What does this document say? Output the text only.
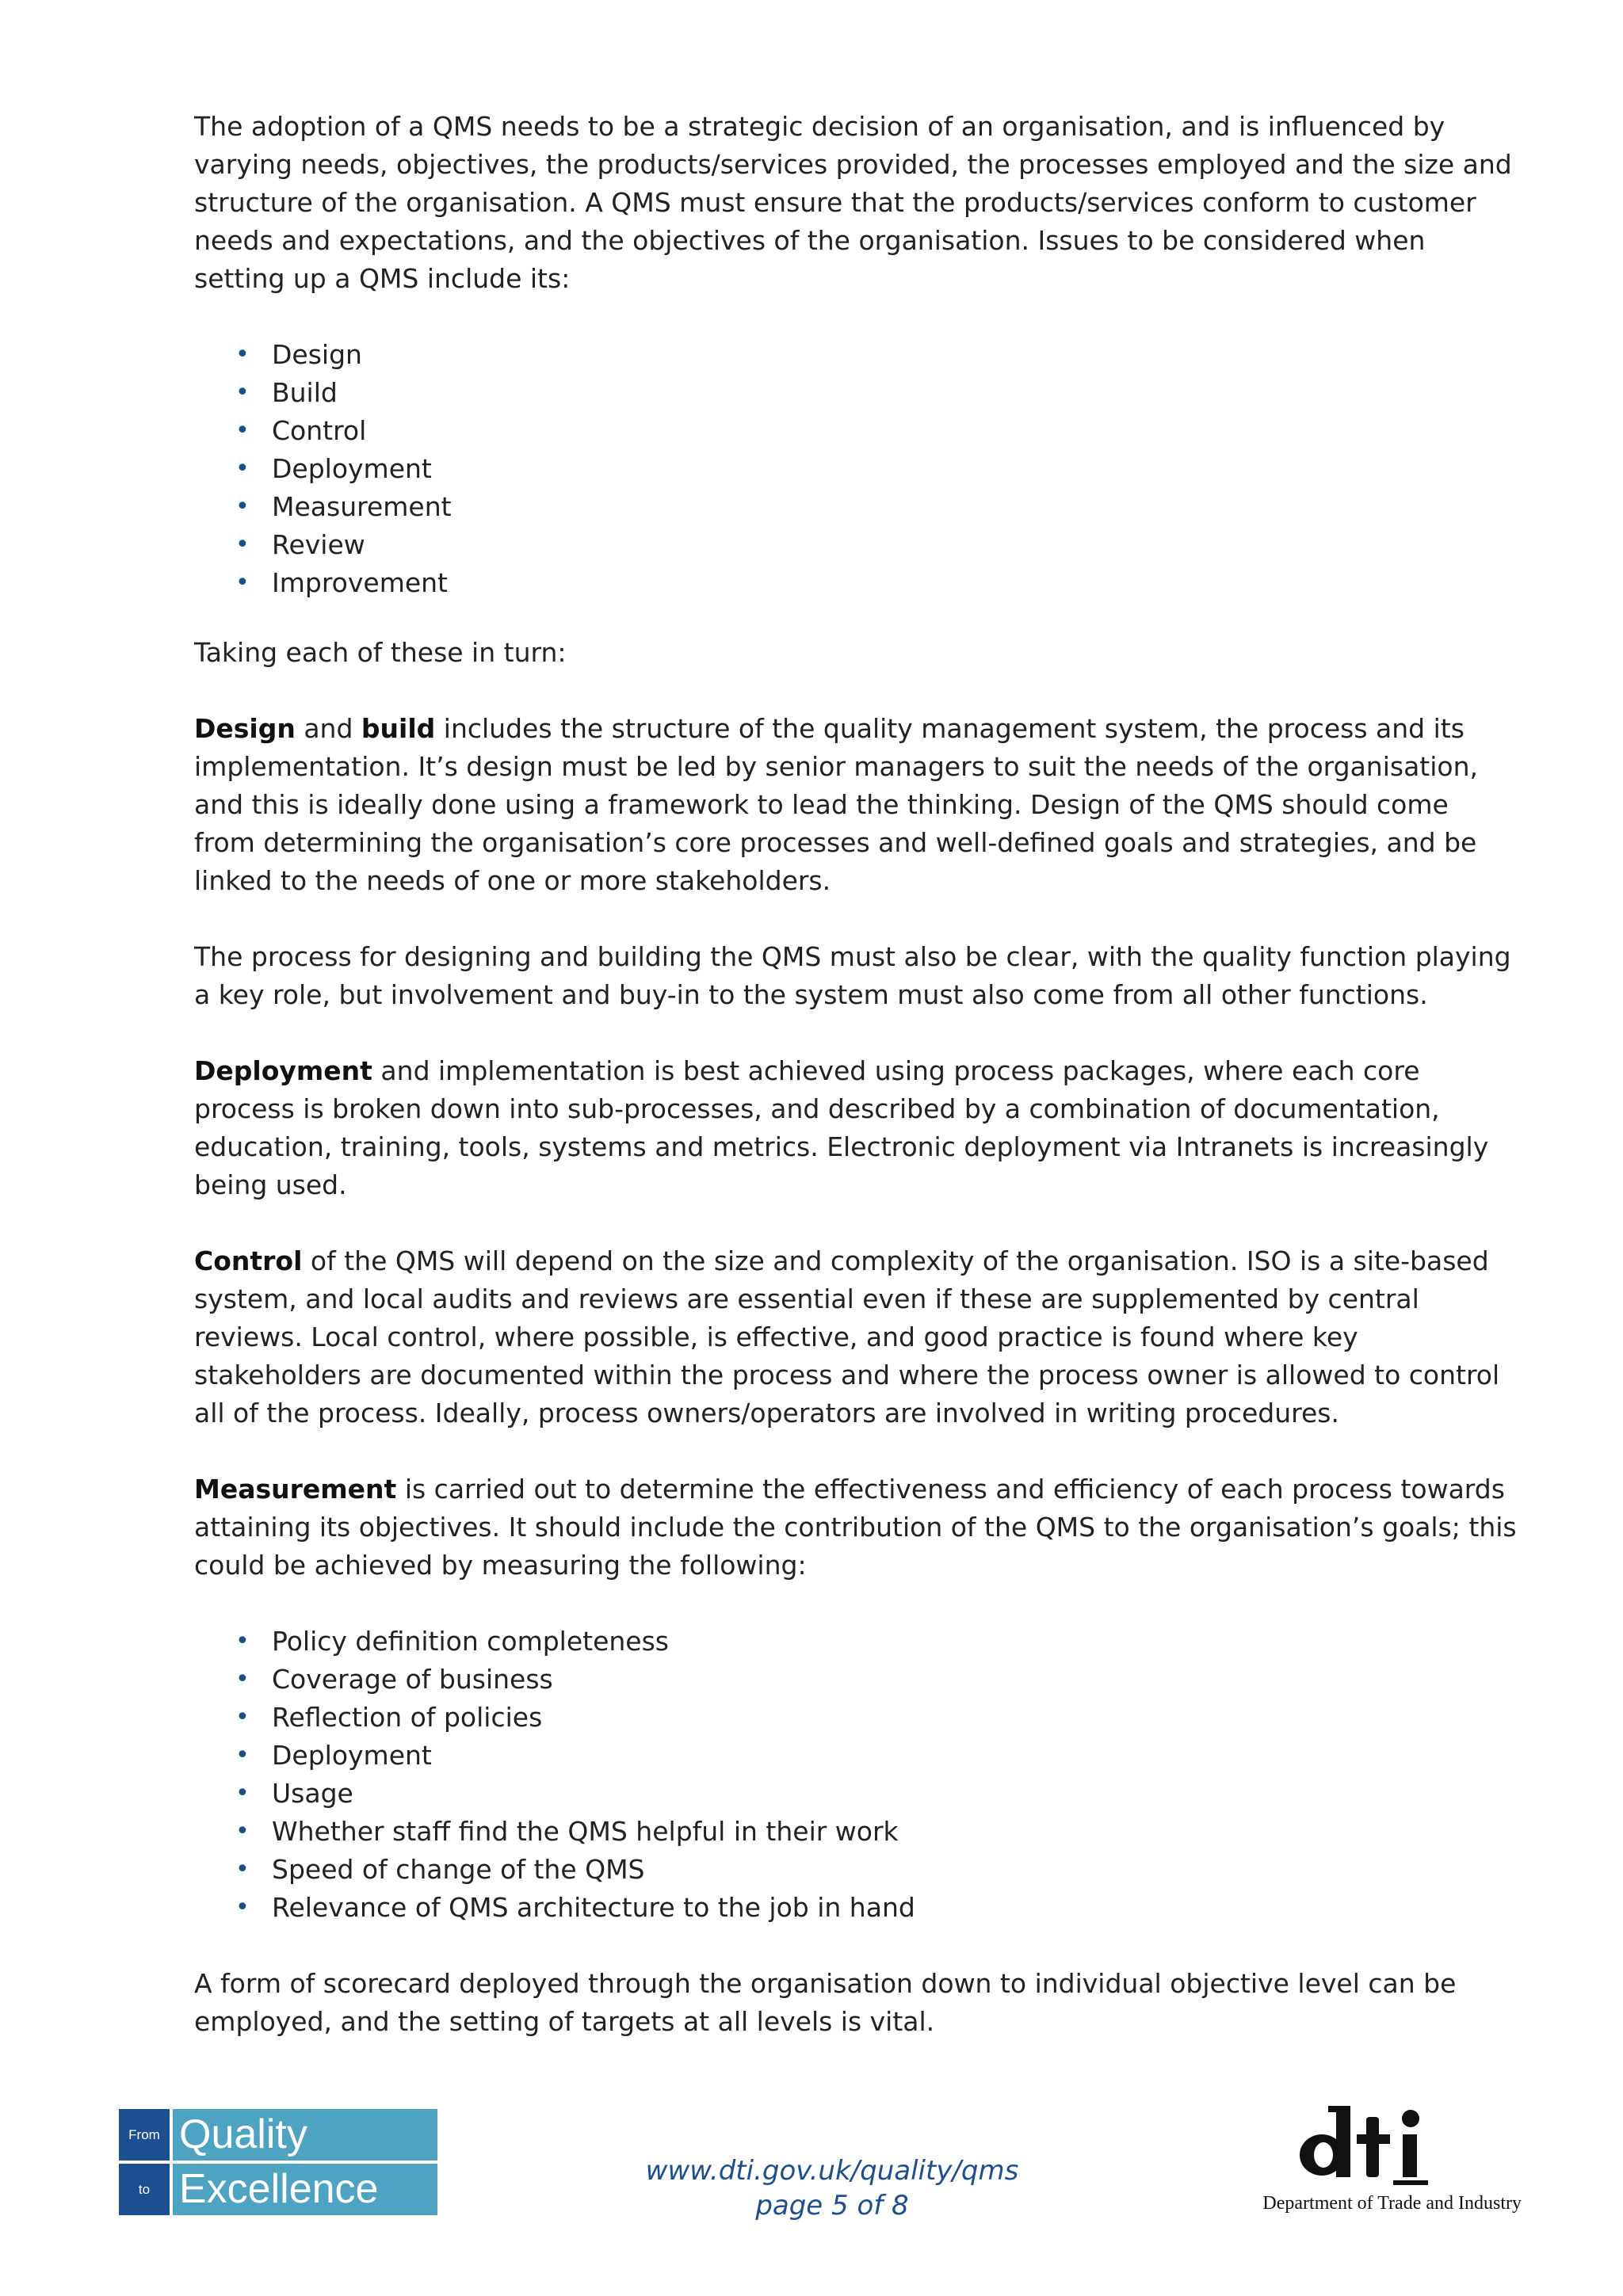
The adoption of a QMS needs to be a strategic decision of an organisation, and is influenced by varying needs, objectives, the products/services provided, the processes employed and the size and structure of the organisation. A QMS must ensure that the products/services conform to customer needs and expectations, and the objectives of the organisation. Issues to be considered when setting up a QMS include its:

• Design
• Build
• Control
• Deployment
• Measurement
• Review
• Improvement

Taking each of these in turn:

Design and build includes the structure of the quality management system, the process and its implementation. It’s design must be led by senior managers to suit the needs of the organisation, and this is ideally done using a framework to lead the thinking. Design of the QMS should come from determining the organisation’s core processes and well-defined goals and strategies, and be linked to the needs of one or more stakeholders.

The process for designing and building the QMS must also be clear, with the quality function playing a key role, but involvement and buy-in to the system must also come from all other functions.

Deployment and implementation is best achieved using process packages, where each core process is broken down into sub-processes, and described by a combination of documentation, education, training, tools, systems and metrics. Electronic deployment via Intranets is increasingly being used.

Control of the QMS will depend on the size and complexity of the organisation. ISO is a site-based system, and local audits and reviews are essential even if these are supplemented by central reviews. Local control, where possible, is effective, and good practice is found where key stakeholders are documented within the process and where the process owner is allowed to control all of the process. Ideally, process owners/operators are involved in writing procedures.

Measurement is carried out to determine the effectiveness and efficiency of each process towards attaining its objectives. It should include the contribution of the QMS to the organisation’s goals; this could be achieved by measuring the following:

• Policy definition completeness
• Coverage of business
• Reflection of policies
• Deployment
• Usage
• Whether staff find the QMS helpful in their work
• Speed of change of the QMS
• Relevance of QMS architecture to the job in hand

A form of scorecard deployed through the organisation down to individual objective level can be employed, and the setting of targets at all levels is vital.

From Quality
to Excellence	www.dti.gov.uk/quality/qms
page 5 of 8	Department of Trade and Industry
